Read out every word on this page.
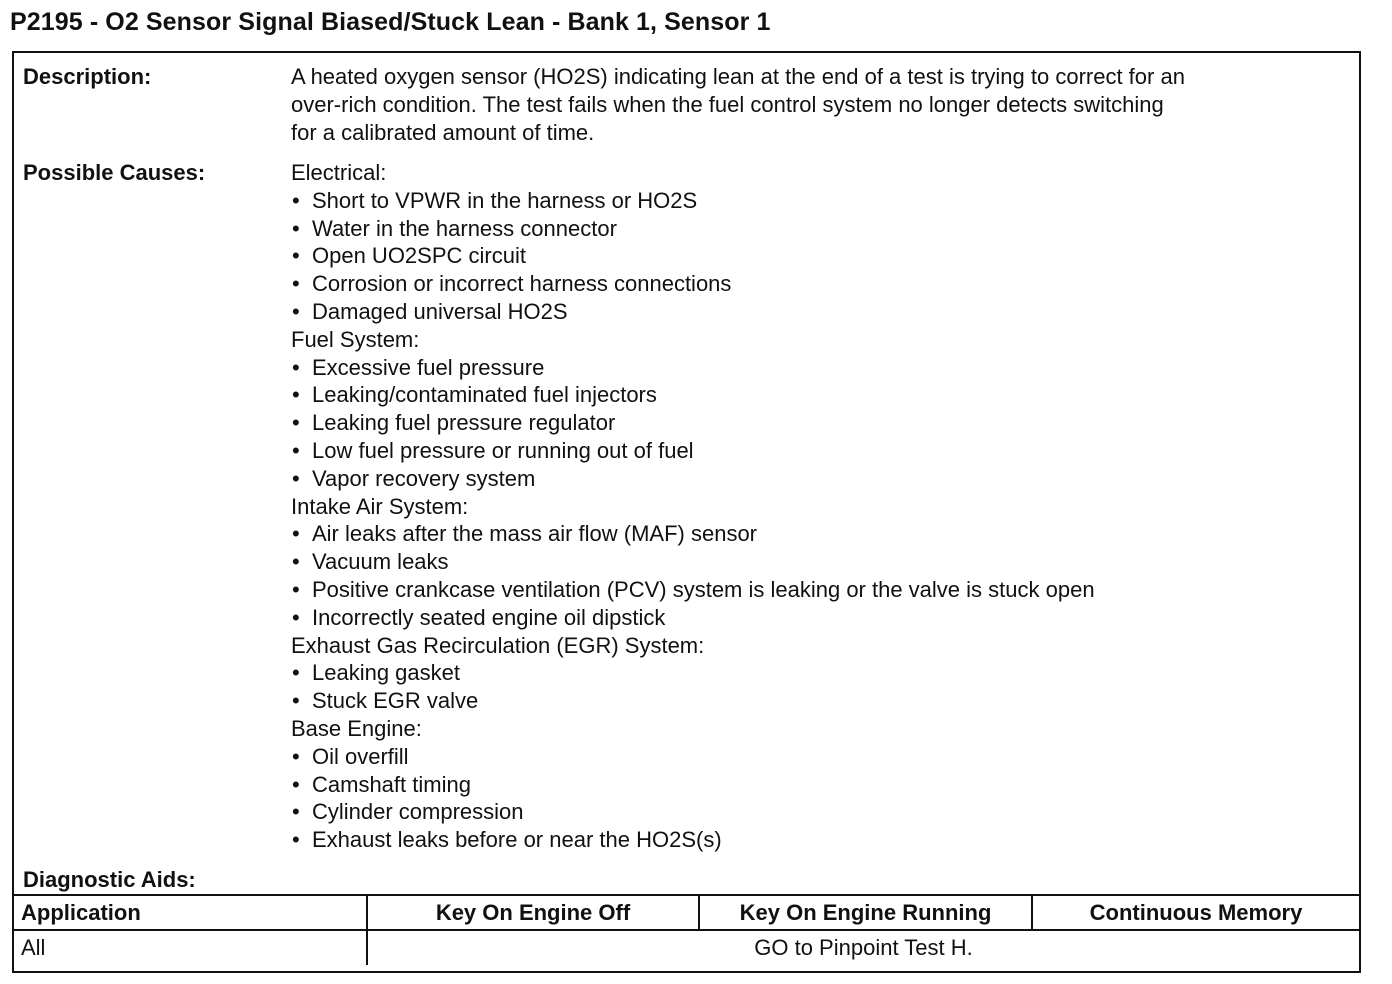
P2195 - O2 Sensor Signal Biased/Stuck Lean - Bank 1, Sensor 1
Description:	A heated oxygen sensor (HO2S) indicating lean at the end of a test is trying to correct for an
over-rich condition. The test fails when the fuel control system no longer detects switching
for a calibrated amount of time.
Possible Causes:	Electrical:
• Short to VPWR in the harness or HO2S
• Water in the harness connector
• Open UO2SPC circuit
• Corrosion or incorrect harness connections
• Damaged universal HO2S
Fuel System:
• Excessive fuel pressure
• Leaking/contaminated fuel injectors
• Leaking fuel pressure regulator
• Low fuel pressure or running out of fuel
• Vapor recovery system
Intake Air System:
• Air leaks after the mass air flow (MAF) sensor
• Vacuum leaks
• Positive crankcase ventilation (PCV) system is leaking or the valve is stuck open
• Incorrectly seated engine oil dipstick
Exhaust Gas Recirculation (EGR) System:
• Leaking gasket
• Stuck EGR valve
Base Engine:
• Oil overfill
• Camshaft timing
• Cylinder compression
• Exhaust leaks before or near the HO2S(s)
Diagnostic Aids:
Application	Key On Engine Off	Key On Engine Running	Continuous Memory
All	GO to Pinpoint Test H.		
